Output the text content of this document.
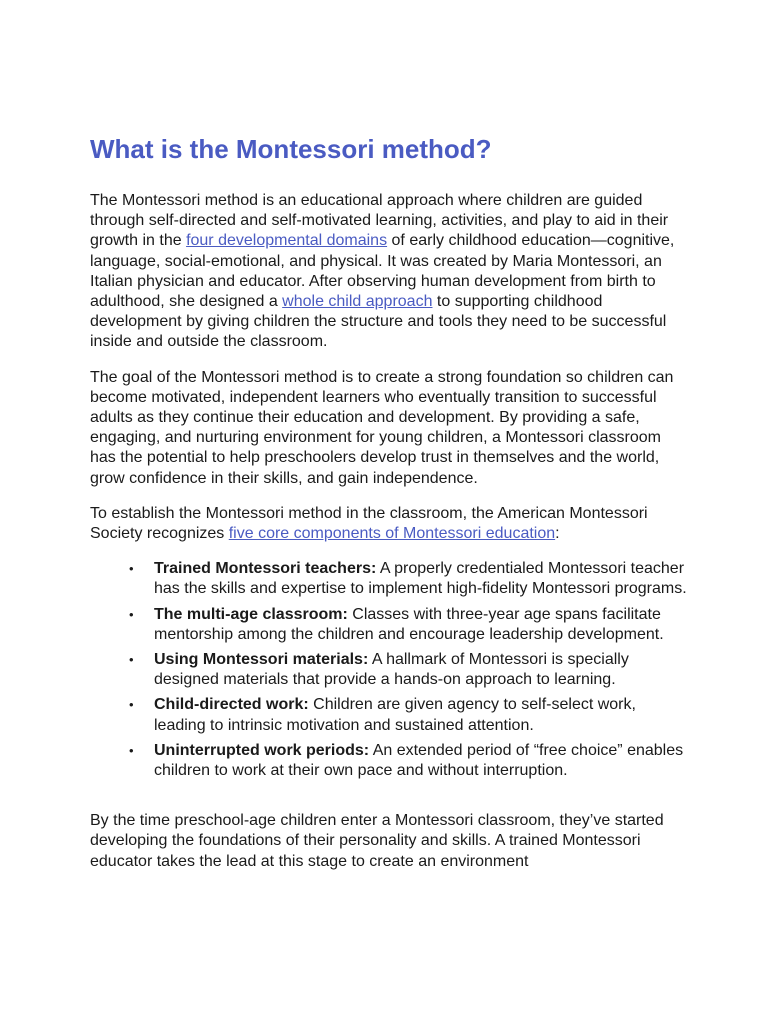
What is the Montessori method?

The Montessori method is an educational approach where children are guided through self-directed and self-motivated learning, activities, and play to aid in their growth in the four developmental domains of early childhood education—cognitive, language, social-emotional, and physical. It was created by Maria Montessori, an Italian physician and educator. After observing human development from birth to adulthood, she designed a whole child approach to supporting childhood development by giving children the structure and tools they need to be successful inside and outside the classroom.

The goal of the Montessori method is to create a strong foundation so children can become motivated, independent learners who eventually transition to successful adults as they continue their education and development. By providing a safe, engaging, and nurturing environment for young children, a Montessori classroom has the potential to help preschoolers develop trust in themselves and the world, grow confidence in their skills, and gain independence.

To establish the Montessori method in the classroom, the American Montessori Society recognizes five core components of Montessori education:

• Trained Montessori teachers: A properly credentialed Montessori teacher has the skills and expertise to implement high-fidelity Montessori programs.
• The multi-age classroom: Classes with three-year age spans facilitate mentorship among the children and encourage leadership development.
• Using Montessori materials: A hallmark of Montessori is specially designed materials that provide a hands-on approach to learning.
• Child-directed work: Children are given agency to self-select work, leading to intrinsic motivation and sustained attention.
• Uninterrupted work periods: An extended period of “free choice” enables children to work at their own pace and without interruption.

By the time preschool-age children enter a Montessori classroom, they’ve started developing the foundations of their personality and skills. A trained Montessori educator takes the lead at this stage to create an environment
